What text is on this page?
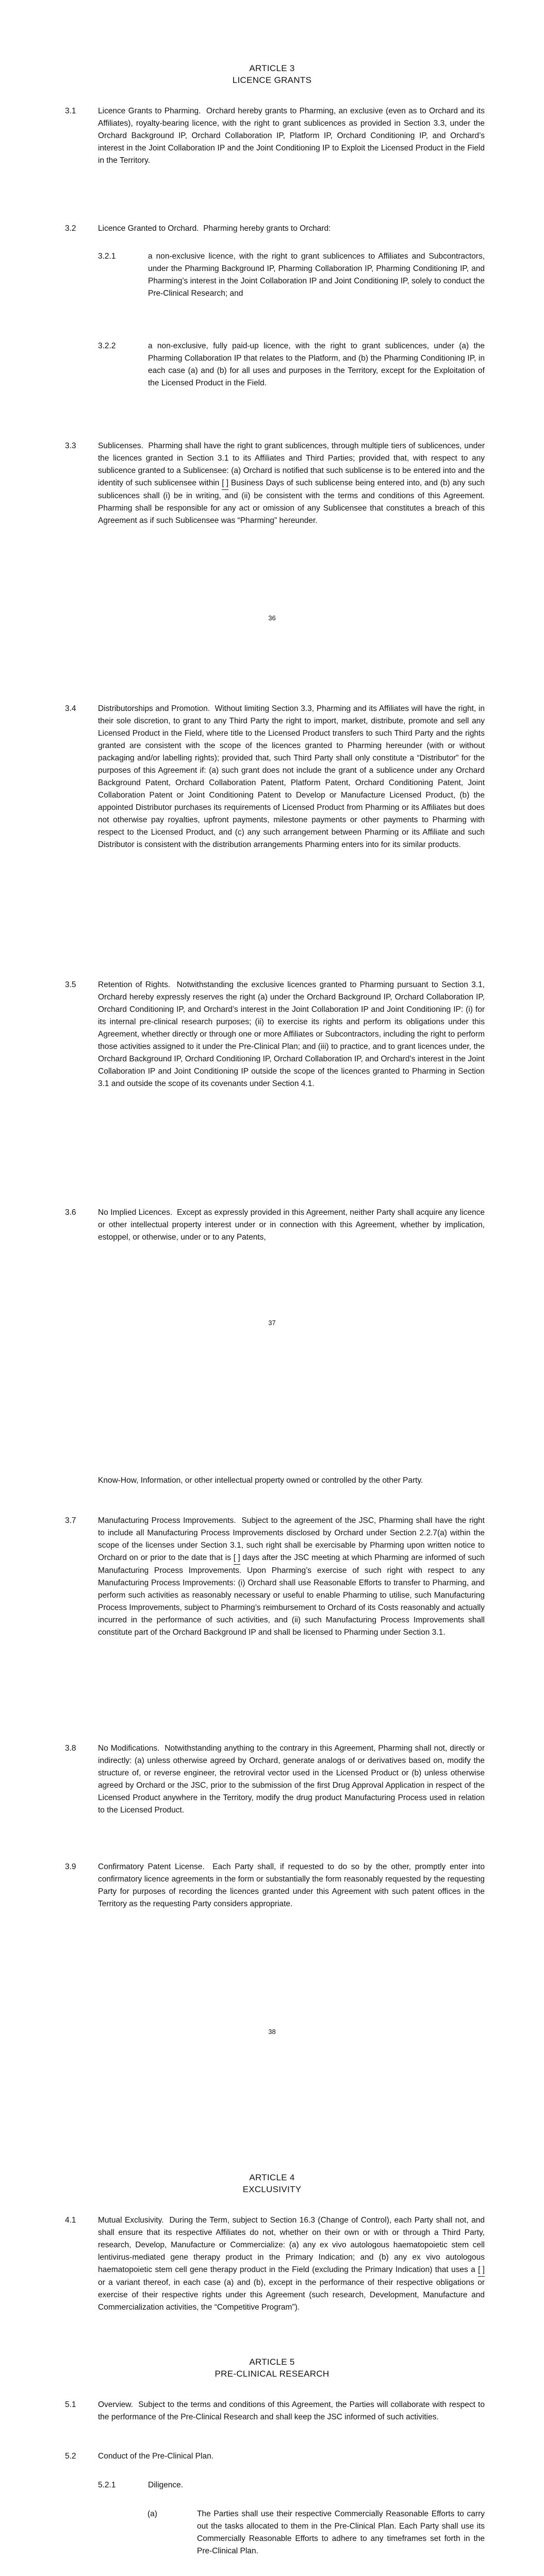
ARTICLE 3
LICENCE GRANTS
3.1	Licence Grants to Pharming. Orchard hereby grants to Pharming, an exclusive (even as to Orchard and its Affiliates), royalty-bearing licence, with the right to grant sublicences as provided in Section 3.3, under the Orchard Background IP, Orchard Collaboration IP, Platform IP, Orchard Conditioning IP, and Orchard’s interest in the Joint Collaboration IP and the Joint Conditioning IP to Exploit the Licensed Product in the Field in the Territory.
3.2	Licence Granted to Orchard. Pharming hereby grants to Orchard:
3.2.1	a non-exclusive licence, with the right to grant sublicences to Affiliates and Subcontractors, under the Pharming Background IP, Pharming Collaboration IP, Pharming Conditioning IP, and Pharming’s interest in the Joint Collaboration IP and Joint Conditioning IP, solely to conduct the Pre-Clinical Research; and
3.2.2	a non-exclusive, fully paid-up licence, with the right to grant sublicences, under (a) the Pharming Collaboration IP that relates to the Platform, and (b) the Pharming Conditioning IP, in each case (a) and (b) for all uses and purposes in the Territory, except for the Exploitation of the Licensed Product in the Field.
3.3	Sublicenses. Pharming shall have the right to grant sublicences, through multiple tiers of sublicences, under the licences granted in Section 3.1 to its Affiliates and Third Parties; provided that, with respect to any sublicence granted to a Sublicensee: (a) Orchard is notified that such sublicense is to be entered into and the identity of such sublicensee within [ ] Business Days of such sublicense being entered into, and (b) any such sublicences shall (i) be in writing, and (ii) be consistent with the terms and conditions of this Agreement. Pharming shall be responsible for any act or omission of any Sublicensee that constitutes a breach of this Agreement as if such Sublicensee was “Pharming” hereunder.
36
3.4	Distributorships and Promotion. Without limiting Section 3.3, Pharming and its Affiliates will have the right, in their sole discretion, to grant to any Third Party the right to import, market, distribute, promote and sell any Licensed Product in the Field, where title to the Licensed Product transfers to such Third Party and the rights granted are consistent with the scope of the licences granted to Pharming hereunder (with or without packaging and/or labelling rights); provided that, such Third Party shall only constitute a “Distributor” for the purposes of this Agreement if: (a) such grant does not include the grant of a sublicence under any Orchard Background Patent, Orchard Collaboration Patent, Platform Patent, Orchard Conditioning Patent, Joint Collaboration Patent or Joint Conditioning Patent to Develop or Manufacture Licensed Product, (b) the appointed Distributor purchases its requirements of Licensed Product from Pharming or its Affiliates but does not otherwise pay royalties, upfront payments, milestone payments or other payments to Pharming with respect to the Licensed Product, and (c) any such arrangement between Pharming or its Affiliate and such Distributor is consistent with the distribution arrangements Pharming enters into for its similar products.
3.5	Retention of Rights. Notwithstanding the exclusive licences granted to Pharming pursuant to Section 3.1, Orchard hereby expressly reserves the right (a) under the Orchard Background IP, Orchard Collaboration IP, Orchard Conditioning IP, and Orchard’s interest in the Joint Collaboration IP and Joint Conditioning IP: (i) for its internal pre-clinical research purposes; (ii) to exercise its rights and perform its obligations under this Agreement, whether directly or through one or more Affiliates or Subcontractors, including the right to perform those activities assigned to it under the Pre-Clinical Plan; and (iii) to practice, and to grant licences under, the Orchard Background IP, Orchard Conditioning IP, Orchard Collaboration IP, and Orchard’s interest in the Joint Collaboration IP and Joint Conditioning IP outside the scope of the licences granted to Pharming in Section 3.1 and outside the scope of its covenants under Section 4.1.
3.6	No Implied Licences. Except as expressly provided in this Agreement, neither Party shall acquire any licence or other intellectual property interest under or in connection with this Agreement, whether by implication, estoppel, or otherwise, under or to any Patents,
37
Know-How, Information, or other intellectual property owned or controlled by the other Party.
3.7	Manufacturing Process Improvements. Subject to the agreement of the JSC, Pharming shall have the right to include all Manufacturing Process Improvements disclosed by Orchard under Section 2.2.7(a) within the scope of the licenses under Section 3.1, such right shall be exercisable by Pharming upon written notice to Orchard on or prior to the date that is [ ] days after the JSC meeting at which Pharming are informed of such Manufacturing Process Improvements. Upon Pharming’s exercise of such right with respect to any Manufacturing Process Improvements: (i) Orchard shall use Reasonable Efforts to transfer to Pharming, and perform such activities as reasonably necessary or useful to enable Pharming to utilise, such Manufacturing Process Improvements, subject to Pharming’s reimbursement to Orchard of its Costs reasonably and actually incurred in the performance of such activities, and (ii) such Manufacturing Process Improvements shall constitute part of the Orchard Background IP and shall be licensed to Pharming under Section 3.1.
3.8	No Modifications. Notwithstanding anything to the contrary in this Agreement, Pharming shall not, directly or indirectly: (a) unless otherwise agreed by Orchard, generate analogs of or derivatives based on, modify the structure of, or reverse engineer, the retroviral vector used in the Licensed Product or (b) unless otherwise agreed by Orchard or the JSC, prior to the submission of the first Drug Approval Application in respect of the Licensed Product anywhere in the Territory, modify the drug product Manufacturing Process used in relation to the Licensed Product.
3.9	Confirmatory Patent License. Each Party shall, if requested to do so by the other, promptly enter into confirmatory licence agreements in the form or substantially the form reasonably requested by the requesting Party for purposes of recording the licences granted under this Agreement with such patent offices in the Territory as the requesting Party considers appropriate.
38
ARTICLE 4
EXCLUSIVITY
4.1	Mutual Exclusivity. During the Term, subject to Section 16.3 (Change of Control), each Party shall not, and shall ensure that its respective Affiliates do not, whether on their own or with or through a Third Party, research, Develop, Manufacture or Commercialize: (a) any ex vivo autologous haematopoietic stem cell lentivirus-mediated gene therapy product in the Primary Indication; and (b) any ex vivo autologous haematopoietic stem cell gene therapy product in the Field (excluding the Primary Indication) that uses a [ ] or a variant thereof, in each case (a) and (b), except in the performance of their respective obligations or exercise of their respective rights under this Agreement (such research, Development, Manufacture and Commercialization activities, the “Competitive Program”).
ARTICLE 5
PRE-CLINICAL RESEARCH
5.1	Overview. Subject to the terms and conditions of this Agreement, the Parties will collaborate with respect to the performance of the Pre-Clinical Research and shall keep the JSC informed of such activities.
5.2	Conduct of the Pre-Clinical Plan.
5.2.1	Diligence.
(a)	The Parties shall use their respective Commercially Reasonable Efforts to carry out the tasks allocated to them in the Pre-Clinical Plan. Each Party shall use its Commercially Reasonable Efforts to adhere to any timeframes set forth in the Pre-Clinical Plan.
